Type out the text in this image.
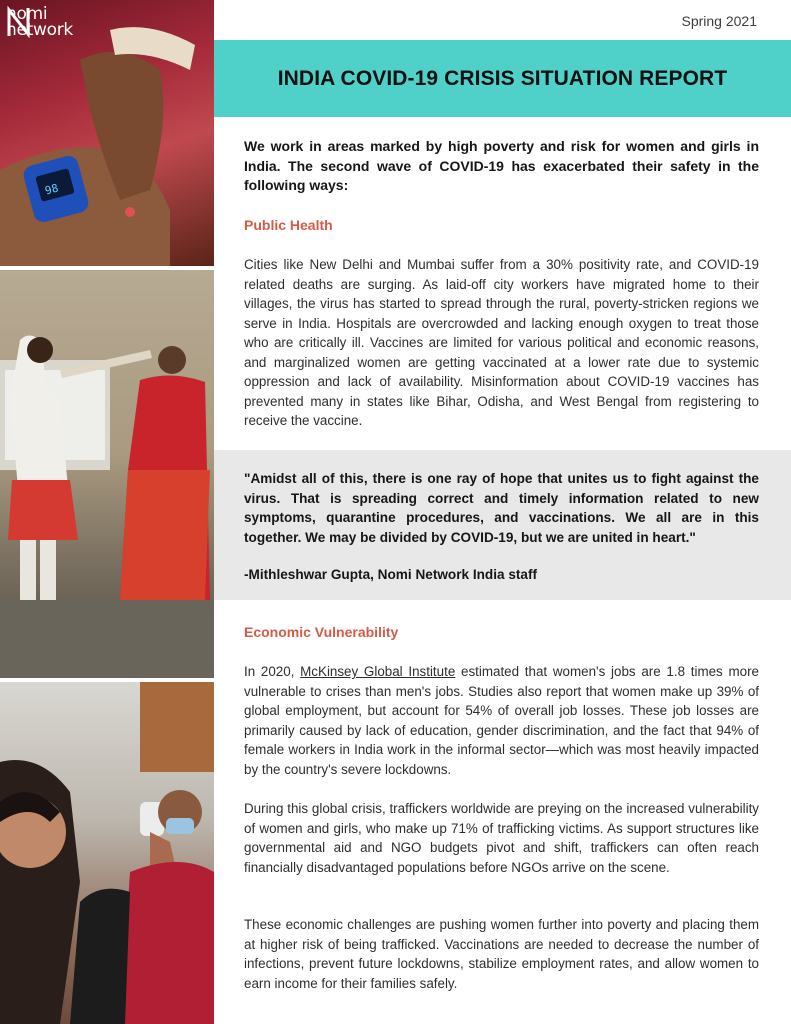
98
nomi
network	Spring 2021
INDIA COVID-19 CRISIS SITUATION REPORT

We work in areas marked by high poverty and risk for women and girls in India. The second wave of COVID-19 has exacerbated their safety in the following ways:

Public Health

Cities like New Delhi and Mumbai suffer from a 30% positivity rate, and COVID-19 related deaths are surging. As laid-off city workers have migrated home to their villages, the virus has started to spread through the rural, poverty-stricken regions we serve in India. Hospitals are overcrowded and lacking enough oxygen to treat those who are critically ill. Vaccines are limited for various political and economic reasons, and marginalized women are getting vaccinated at a lower rate due to systemic oppression and lack of availability. Misinformation about COVID-19 vaccines has prevented many in states like Bihar, Odisha, and West Bengal from registering to receive the vaccine.

"Amidst all of this, there is one ray of hope that unites us to fight against the virus. That is spreading correct and timely information related to new symptoms, quarantine procedures, and vaccinations. We all are in this together. We may be divided by COVID-19, but we are united in heart."

-Mithleshwar Gupta, Nomi Network India staff

Economic Vulnerability

In 2020, McKinsey Global Institute estimated that women's jobs are 1.8 times more vulnerable to crises than men's jobs. Studies also report that women make up 39% of global employment, but account for 54% of overall job losses. These job losses are primarily caused by lack of education, gender discrimination, and the fact that 94% of female workers in India work in the informal sector—which was most heavily impacted by the country's severe lockdowns.

During this global crisis, traffickers worldwide are preying on the increased vulnerability of women and girls, who make up 71% of trafficking victims. As support structures like governmental aid and NGO budgets pivot and shift, traffickers can often reach financially disadvantaged populations before NGOs arrive on the scene.

These economic challenges are pushing women further into poverty and placing them at higher risk of being trafficked. Vaccinations are needed to decrease the number of infections, prevent future lockdowns, stabilize employment rates, and allow women to earn income for their families safely.
